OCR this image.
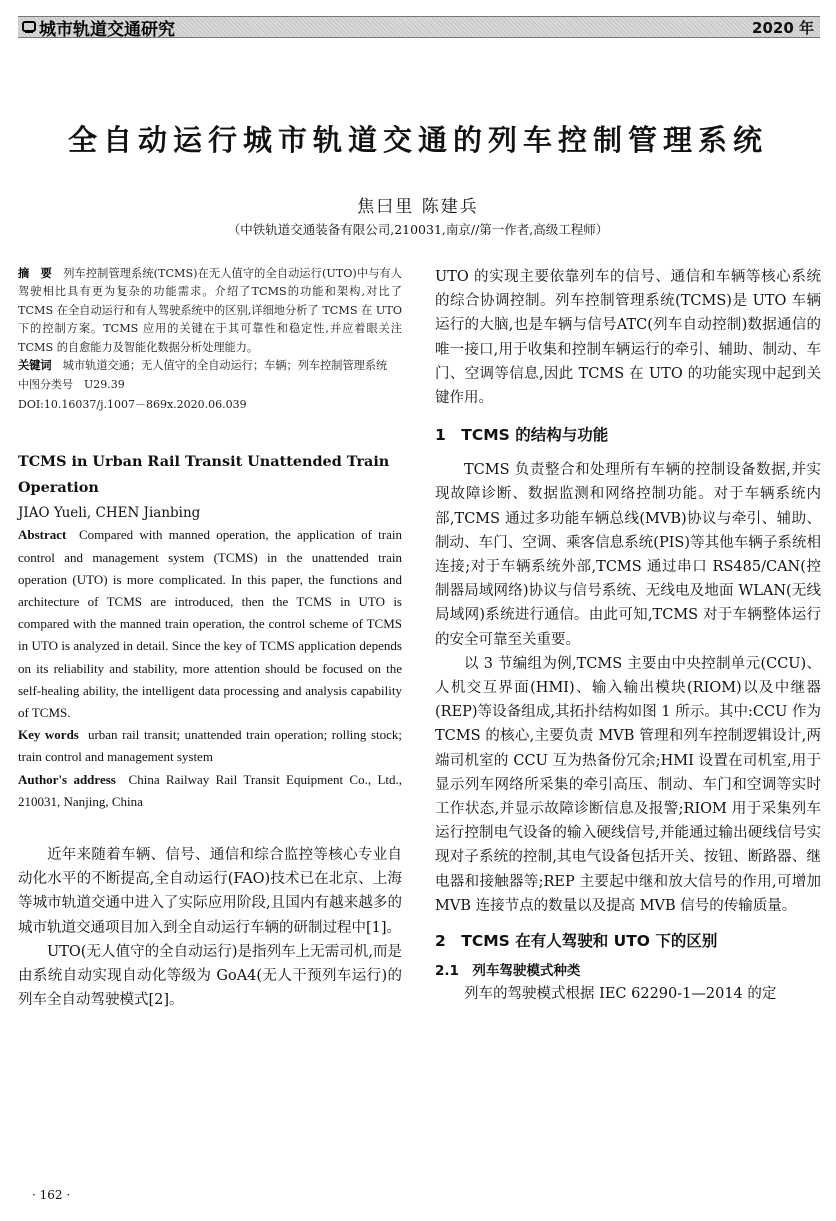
城市轨道交通研究	2020 年
全自动运行城市轨道交通的列车控制管理系统
焦曰里 陈建兵
（中铁轨道交通装备有限公司,210031,南京//第一作者,高级工程师）

摘　要　 列车控制管理系统(TCMS)在无人值守的全自动运行(UTO)中与有人驾驶相比具有更为复杂的功能需求。介绍了TCMS的功能和架构,对比了 TCMS 在全自动运行和有人驾驶系统中的区别,详细地分析了 TCMS 在 UTO 下的控制方案。TCMS 应用的关键在于其可靠性和稳定性,并应着眼关注 TCMS 的自愈能力及智能化数据分析处理能力。

关键词　 城市轨道交通；无人值守的全自动运行；车辆；列车控制管理系统

中图分类号　U29.39

DOI:10.16037/j.1007－869x.2020.06.039

TCMS in Urban Rail Transit Unattended Train Operation

JIAO Yueli, CHEN Jianbing

Abstract Compared with manned operation, the application of train control and management system (TCMS) in the unattended train operation (UTO) is more complicated. In this paper, the functions and architecture of TCMS are introduced, then the TCMS in UTO is compared with the manned train operation, the control scheme of TCMS in UTO is analyzed in detail. Since the key of TCMS application depends on its reliability and stability, more attention should be focused on the self-healing ability, the intelligent data processing and analysis capability of TCMS.

Key words urban rail transit; unattended train operation; rolling stock; train control and management system

Author's address China Railway Rail Transit Equipment Co., Ltd., 210031, Nanjing, China

近年来随着车辆、信号、通信和综合监控等核心专业自动化水平的不断提高,全自动运行(FAO)技术已在北京、上海等城市轨道交通中进入了实际应用阶段,且国内有越来越多的城市轨道交通项目加入到全自动运行车辆的研制过程中[1]。

UTO(无人值守的全自动运行)是指列车上无需司机,而是由系统自动实现自动化等级为 GoA4(无人干预列车运行)的列车全自动驾驶模式[2]。

UTO 的实现主要依靠列车的信号、通信和车辆等核心系统的综合协调控制。列车控制管理系统(TCMS)是 UTO 车辆运行的大脑,也是车辆与信号ATC(列车自动控制)数据通信的唯一接口,用于收集和控制车辆运行的牵引、辅助、制动、车门、空调等信息,因此 TCMS 在 UTO 的功能实现中起到关键作用。

1　TCMS 的结构与功能

TCMS 负责整合和处理所有车辆的控制设备数据,并实现故障诊断、数据监测和网络控制功能。对于车辆系统内部,TCMS 通过多功能车辆总线(MVB)协议与牵引、辅助、制动、车门、空调、乘客信息系统(PIS)等其他车辆子系统相连接;对于车辆系统外部,TCMS 通过串口 RS485/CAN(控制器局域网络)协议与信号系统、无线电及地面 WLAN(无线局域网)系统进行通信。由此可知,TCMS 对于车辆整体运行的安全可靠至关重要。

以 3 节编组为例,TCMS 主要由中央控制单元(CCU)、人机交互界面(HMI)、输入输出模块(RIOM)以及中继器(REP)等设备组成,其拓扑结构如图 1 所示。其中:CCU 作为 TCMS 的核心,主要负责 MVB 管理和列车控制逻辑设计,两端司机室的 CCU 互为热备份冗余;HMI 设置在司机室,用于显示列车网络所采集的牵引高压、制动、车门和空调等实时工作状态,并显示故障诊断信息及报警;RIOM 用于采集列车运行控制电气设备的输入硬线信号,并能通过输出硬线信号实现对子系统的控制,其电气设备包括开关、按钮、断路器、继电器和接触器等;REP 主要起中继和放大信号的作用,可增加 MVB 连接节点的数量以及提高 MVB 信号的传输质量。

2　TCMS 在有人驾驶和 UTO 下的区别

2.1　列车驾驶模式种类

列车的驾驶模式根据 IEC 62290-1—2014 的定

· 162 ·
